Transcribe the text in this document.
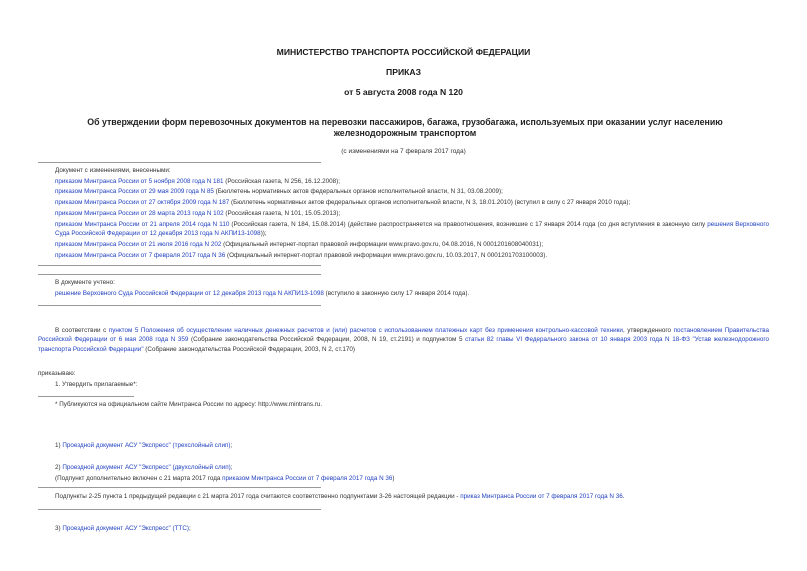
МИНИСТЕРСТВО ТРАНСПОРТА РОССИЙСКОЙ ФЕДЕРАЦИИ
ПРИКАЗ
от 5 августа 2008 года N 120
Об утверждении форм перевозочных документов на перевозки пассажиров, багажа, грузобагажа, используемых при оказании услуг населению железнодорожным транспортом
(с изменениями на 7 февраля 2017 года)
Документ с изменениями, внесенными:
приказом Минтранса России от 5 ноября 2008 года N 181 (Российская газета, N 256, 16.12.2008);
приказом Минтранса России от 29 мая 2009 года N 85 (Бюллетень нормативных актов федеральных органов исполнительной власти, N 31, 03.08.2009);
приказом Минтранса России от 27 октября 2009 года N 187 (Бюллетень нормативных актов федеральных органов исполнительной власти, N 3, 18.01.2010) (вступил в силу с 27 января 2010 года);
приказом Минтранса России от 28 марта 2013 года N 102 (Российская газета, N 101, 15.05.2013);
приказом Минтранса России от 21 апреля 2014 года N 110 (Российская газета, N 184, 15.08.2014) (действие распространяется на правоотношения, возникшие с 17 января 2014 года (со дня вступления в законную силу решения Верховного Суда Российской Федерации от 12 декабря 2013 года N АКПИ13-1098));
приказом Минтранса России от 21 июля 2016 года N 202 (Официальный интернет-портал правовой информации www.pravo.gov.ru, 04.08.2016, N 0001201608040031);
приказом Минтранса России от 7 февраля 2017 года N 36 (Официальный интернет-портал правовой информации www.pravo.gov.ru, 10.03.2017, N 0001201703100003).
В документе учтено:
решение Верховного Суда Российской Федерации от 12 декабря 2013 года N АКПИ13-1098 (вступило в законную силу 17 января 2014 года).
В соответствии с пунктом 5 Положения об осуществлении наличных денежных расчетов и (или) расчетов с использованием платежных карт без применения контрольно-кассовой техники, утвержденного постановлением Правительства Российской Федерации от 6 мая 2008 года N 359 (Собрание законодательства Российской Федерации, 2008, N 19, ст.2191) и подпунктом 5 статьи 82 главы VI Федерального закона от 10 января 2003 года N 18-ФЗ "Устав железнодорожного транспорта Российской Федерации" (Собрание законодательства Российской Федерации, 2003, N 2, ст.170)
приказываю:
1. Утвердить прилагаемые*:
* Публикуются на официальном сайте Минтранса России по адресу: http://www.mintrans.ru.
1) Проездной документ АСУ "Экспресс" (трехслойный слип);
2) Проездной документ АСУ "Экспресс" (двухслойный слип);
(Подпункт дополнительно включен с 21 марта 2017 года приказом Минтранса России от 7 февраля 2017 года N 36)
Подпункты 2-25 пункта 1 предыдущей редакции с 21 марта 2017 года считаются соответственно подпунктами 3-26 настоящей редакции - приказ Минтранса России от 7 февраля 2017 года N 36.
3) Проездной документ АСУ "Экспресс" (ТТС);
